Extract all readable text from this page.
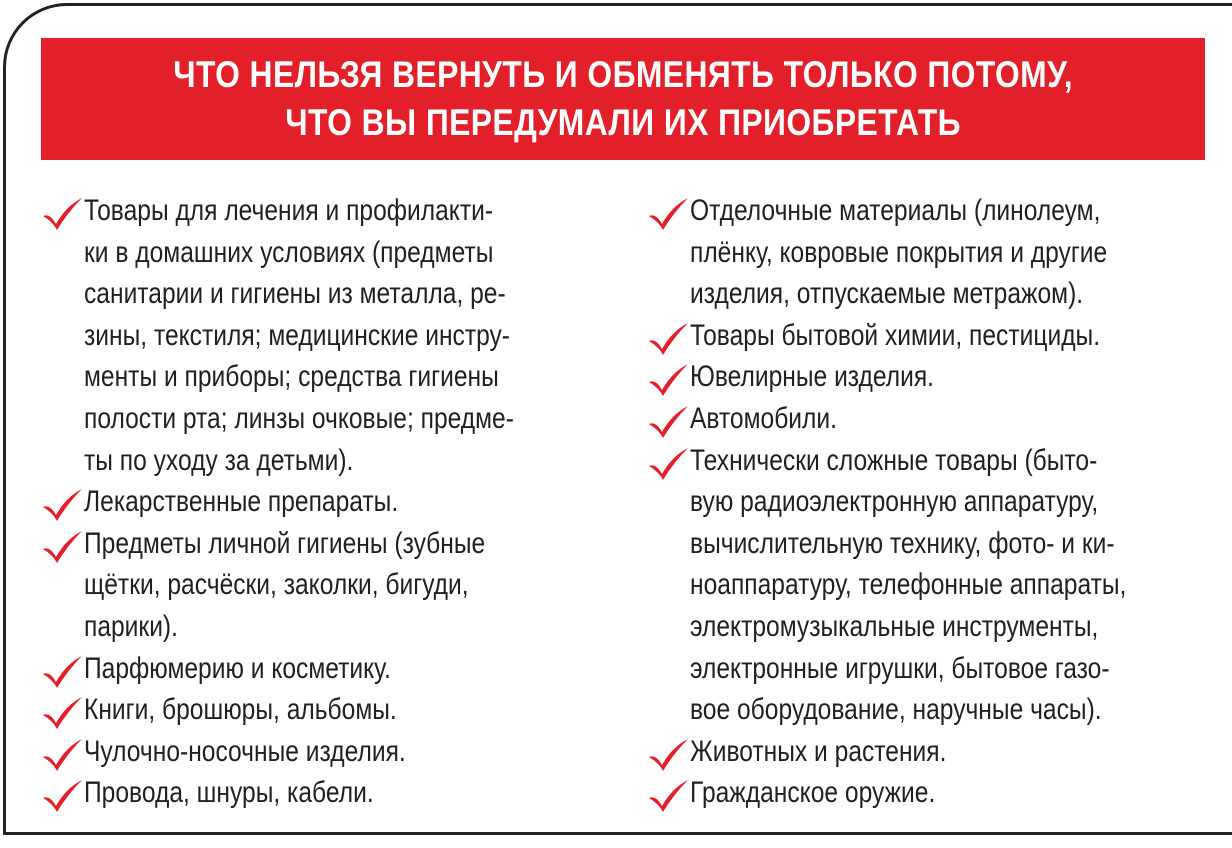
ЧТО НЕЛЬЗЯ ВЕРНУТЬ И ОБМЕНЯТЬ ТОЛЬКО ПОТОМУ,
ЧТО ВЫ ПЕРЕДУМАЛИ ИХ ПРИОБРЕТАТЬ
Товары для лечения и профилакти-
ки в домашних условиях (предметы
санитарии и гигиены из металла, ре-
зины, текстиля; медицинские инстру-
менты и приборы; средства гигиены
полости рта; линзы очковые; предме-
ты по уходу за детьми).
Лекарственные препараты.
Предметы личной гигиены (зубные
щётки, расчёски, заколки, бигуди,
парики).
Парфюмерию и косметику.
Книги, брошюры, альбомы.
Чулочно-носочные изделия.
Провода, шнуры, кабели.
Отделочные материалы (линолеум,
плёнку, ковровые покрытия и другие
изделия, отпускаемые метражом).
Товары бытовой химии, пестициды.
Ювелирные изделия.
Автомобили.
Технически сложные товары (быто-
вую радиоэлектронную аппаратуру,
вычислительную технику, фото- и ки-
ноаппаратуру, телефонные аппараты,
электромузыкальные инструменты,
электронные игрушки, бытовое газо-
вое оборудование, наручные часы).
Животных и растения.
Гражданское оружие.
